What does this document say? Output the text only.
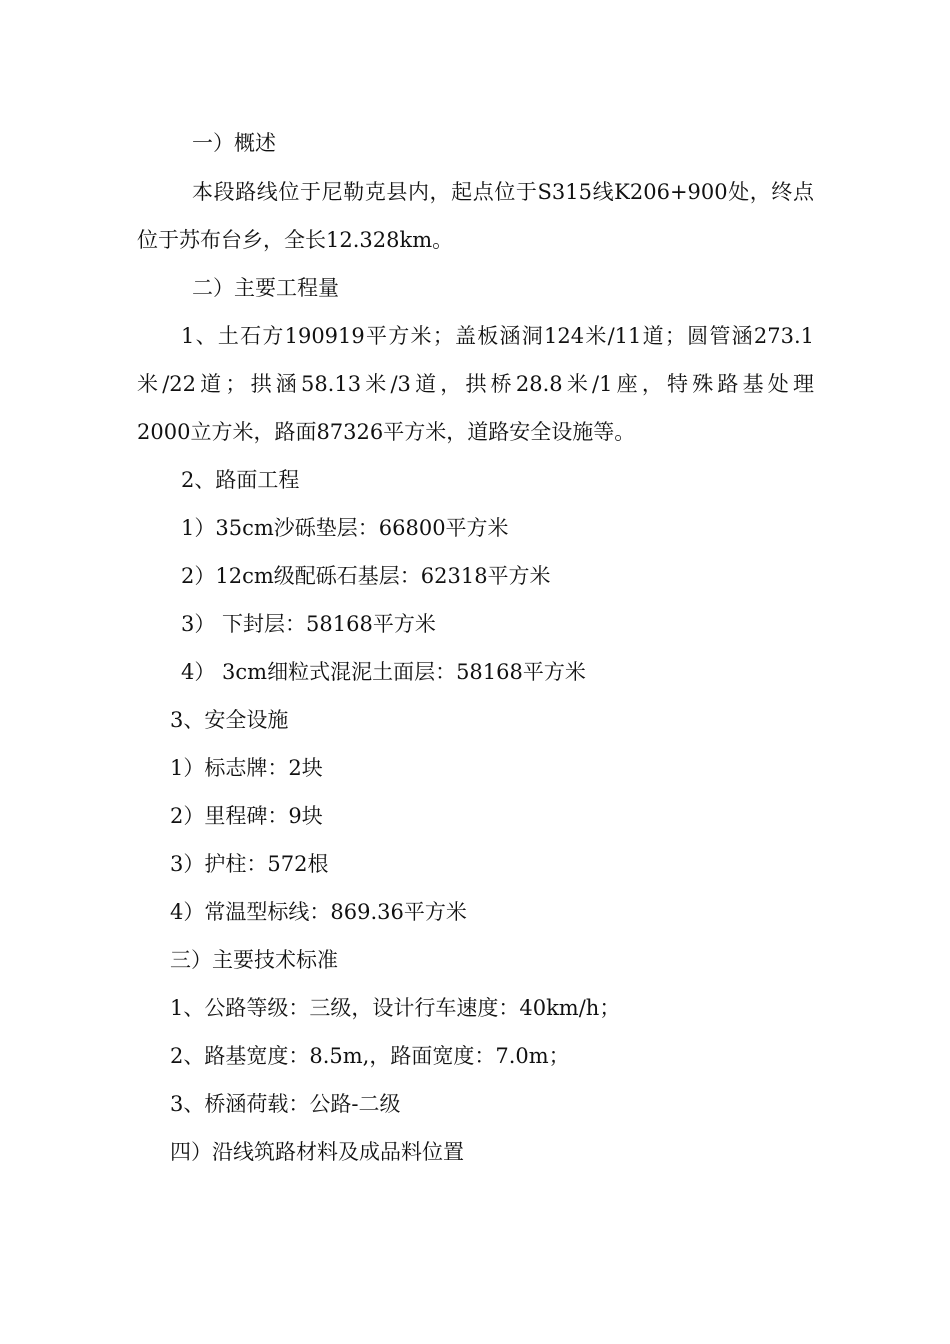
一）概述
本段路线位于尼勒克县内，起点位于S315线K206+900处，终点
位于苏布台乡，全长12.328km。
二）主要工程量
1、土石方190919平方米；盖板涵洞124米/11道；圆管涵273.1
米/22道；拱涵58.13米/3道，拱桥28.8米/1座，特殊路基处理
2000立方米，路面87326平方米，道路安全设施等。
2、路面工程
1）35cm沙砾垫层：66800平方米
2）12cm级配砾石基层：62318平方米
3） 下封层：58168平方米
4） 3cm细粒式混泥土面层：58168平方米
3、安全设施
1）标志牌：2块
2）里程碑：9块
3）护柱：572根
4）常温型标线：869.36平方米
三）主要技术标准
1、公路等级：三级，设计行车速度：40km/h；
2、路基宽度：8.5m,，路面宽度：7.0m；
3、桥涵荷载：公路-二级
四）沿线筑路材料及成品料位置
